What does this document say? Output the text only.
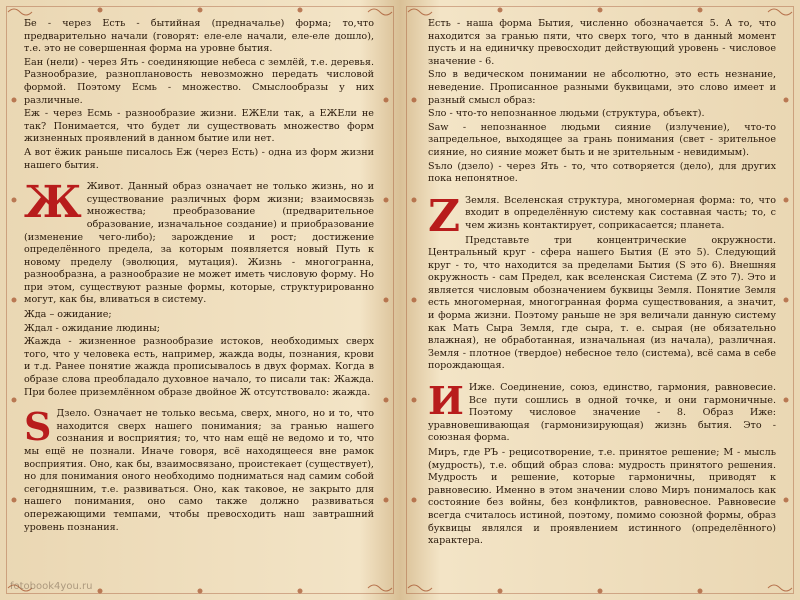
Бе - через Есть - бытийная (предначалье) форма; то,что предварительно начали (говорят: еле-еле начали, еле-еле дошло), т.е. это не совершенная форма на уровне бытия.

Еан (нели) - через Ять - соединяющие небеса с землёй, т.е. деревья. Разнообразие, разноплановость невозможно передать числовой формой. Поэтому Есмь - множество. Смыслообразы у них различные.

Еж - через Есмь - разнообразие жизни. ЕЖЕли так, а ЕЖЕли не так? Понимается, что будет ли существовать множество форм жизненных проявлений в данном бытие или нет.

А вот ёжик раньше писалось Еж (через Есть) - одна из форм жизни нашего бытия.

Ж Живот. Данный образ означает не только жизнь, но и существование различных форм жизни; взаимосвязь множества; преобразование (предварительное образование, изначальное создание) и приобразование (изменение чего-либо); зарождение и рост; достижение определённого предела, за которым появляется новый Путь к новому пределу (эволюция, мутация). Жизнь - многогранна, разнообразна, а разнообразие не может иметь числовую форму. Но при этом, существуют разные формы, которые, структурированно могут, как бы, вливаться в систему.

Жда – ожидание;

Ждал - ожидание людины;

Жажда - жизненное разнообразие истоков, необходимых сверх того, что у человека есть, например, жажда воды, познания, крови и т.д. Ранее понятие жажда прописывалось в двух формах. Когда в образе слова преобладало духовное начало, то писали так: Жажда. При более приземлённом образе двойное Ж отсутствовало: жажда.

S Дзело. Означает не только весьма, сверх, много, но и то, что находится сверх нашего понимания; за гранью нашего сознания и восприятия; то, что нам ещё не ведомо и то, что мы ещё не познали. Иначе говоря, всё находящееся вне рамок восприятия. Оно, как бы, взаимосвязано, проистекает (существует), но для понимания оного необходимо подниматься над самим собой сегодняшним, т.е. развиваться. Оно, как таковое, не закрыто для нашего понимания, оно само также должно развиваться опережающими темпами, чтобы превосходить наш завтрашний уровень познания.

fotobook4you.ru

Есть - наша форма Бытия, численно обозначается 5. А то, что находится за гранью пяти, что сверх того, что в данный момент пусть и на единичку превосходит действующий уровень - числовое значение - 6.

Sло в ведическом понимании не абсолютно, это есть незнание, неведение. Прописанное разными буквицами, это слово имеет и разный смысл образ:

Sло - что-то непознанное людьми (структура, объект).

Sаw - непознанное людьми сияние (излучение), что-то запредельное, выходящее за грань понимания (свет - зрительное сияние, но сияние может быть и не зрительным - невидимым).

Sъло (дзело) - через Ять - то, что сотворяется (дело), для других пока непонятное.

Z Земля. Вселенская структура, многомерная форма: то, что входит в определённую систему как составная часть; то, с чем жизнь контактирует, соприкасается; планета.

Представьте три концентрические окружности. Центральный круг - сфера нашего Бытия (Е это 5). Следующий круг - то, что находится за пределами Бытия (S это 6). Внешняя окружность - сам Предел, как вселенская Система (Z это 7). Это и является числовым обозначением буквицы Земля. Понятие Земля есть многомерная, многогранная форма существования, а значит, и форма жизни. Поэтому раньше не зря величали данную систему как Мать Сыра Земля, где сыра, т. е. сырая (не обязательно влажная), не обработанная, изначальная (из начала), различная. Земля - плотное (твердое) небесное тело (система), всё сама в себе порождающая.

И Иже. Соединение, союз, единство, гармония, равновесие. Все пути сошлись в одной точке, и они гармоничные. Поэтому числовое значение - 8. Образ Иже: уравновешивающая (гармонизирующая) жизнь бытия. Это - союзная форма.

Миръ, где РЪ - рецисотворение, т.е. принятое решение; М - мысль (мудрость), т.е. общий образ слова: мудрость принятого решения. Мудрость и решение, которые гармоничны, приводят к равновесию. Именно в этом значении слово Миръ понималось как состояние без войны, без конфликтов, равновесное. Равновесие всегда считалось истиной, поэтому, помимо союзной формы, образ буквицы являлся и проявлением истинного (определённого) характера.
